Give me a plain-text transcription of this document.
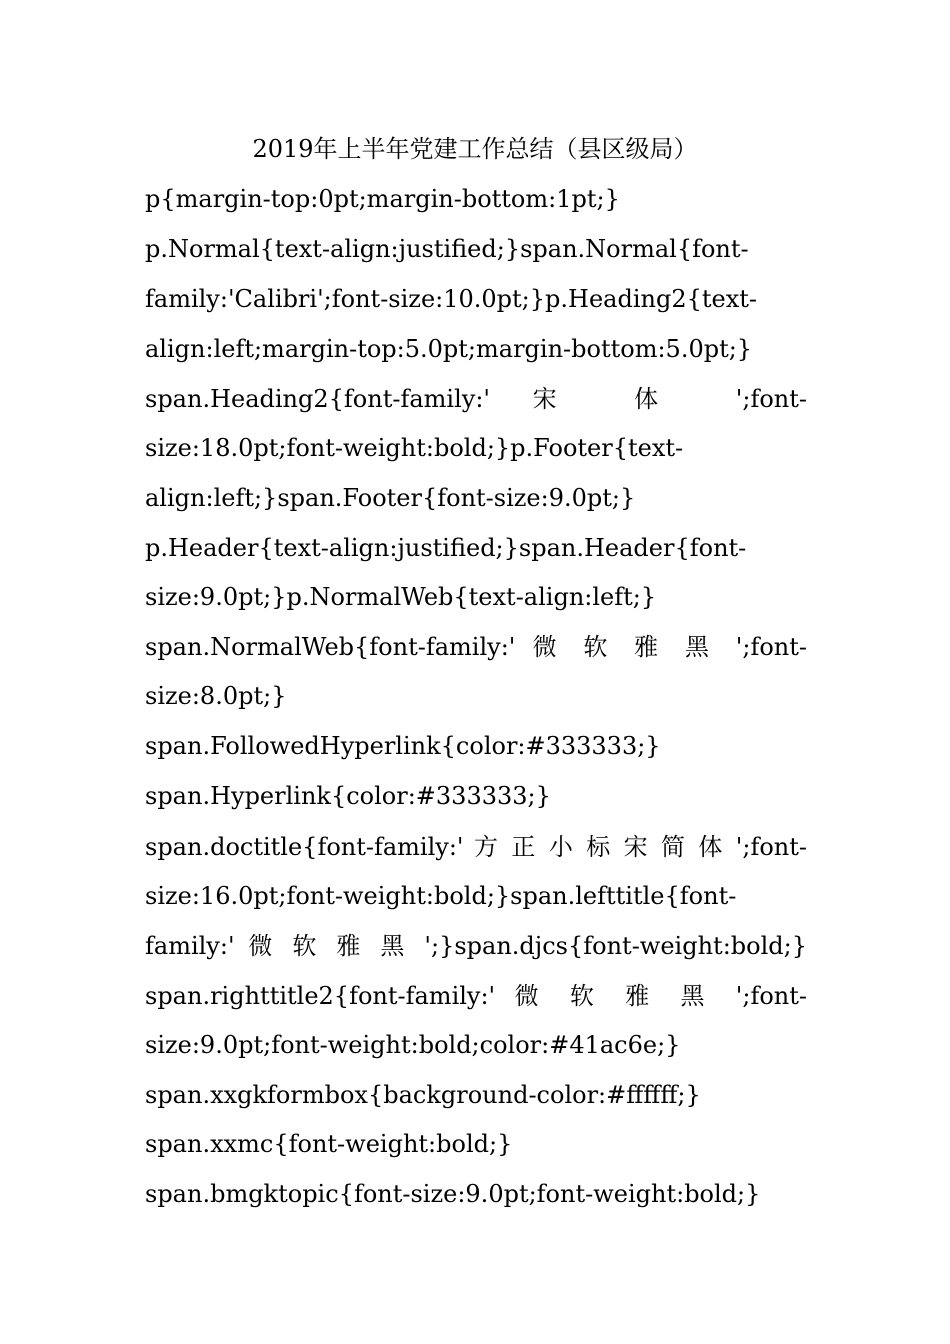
2019年上半年党建工作总结（县区级局）
p{margin-top:0pt;margin-bottom:1pt;}
p.Normal{text-align:justified;}span.Normal{font-
family:'Calibri';font-size:10.0pt;}p.Heading2{text-
align:left;margin-top:5.0pt;margin-bottom:5.0pt;}
span.Heading2{font-family:' 宋 体 ';font-
size:18.0pt;font-weight:bold;}p.Footer{text-
align:left;}span.Footer{font-size:9.0pt;}
p.Header{text-align:justified;}span.Header{font-
size:9.0pt;}p.NormalWeb{text-align:left;}
span.NormalWeb{font-family:' 微 软 雅 黑 ';font-
size:8.0pt;}
span.FollowedHyperlink{color:#333333;}
span.Hyperlink{color:#333333;}
span.doctitle{font-family:' 方 正 小 标 宋 简 体 ';font-
size:16.0pt;font-weight:bold;}span.lefttitle{font-
family:' 微 软 雅 黑 ';}span.djcs{font-weight:bold;}
span.righttitle2{font-family:' 微 软 雅 黑 ';font-
size:9.0pt;font-weight:bold;color:#41ac6e;}
span.xxgkformbox{background-color:#ffffff;}
span.xxmc{font-weight:bold;}
span.bmgktopic{font-size:9.0pt;font-weight:bold;}
